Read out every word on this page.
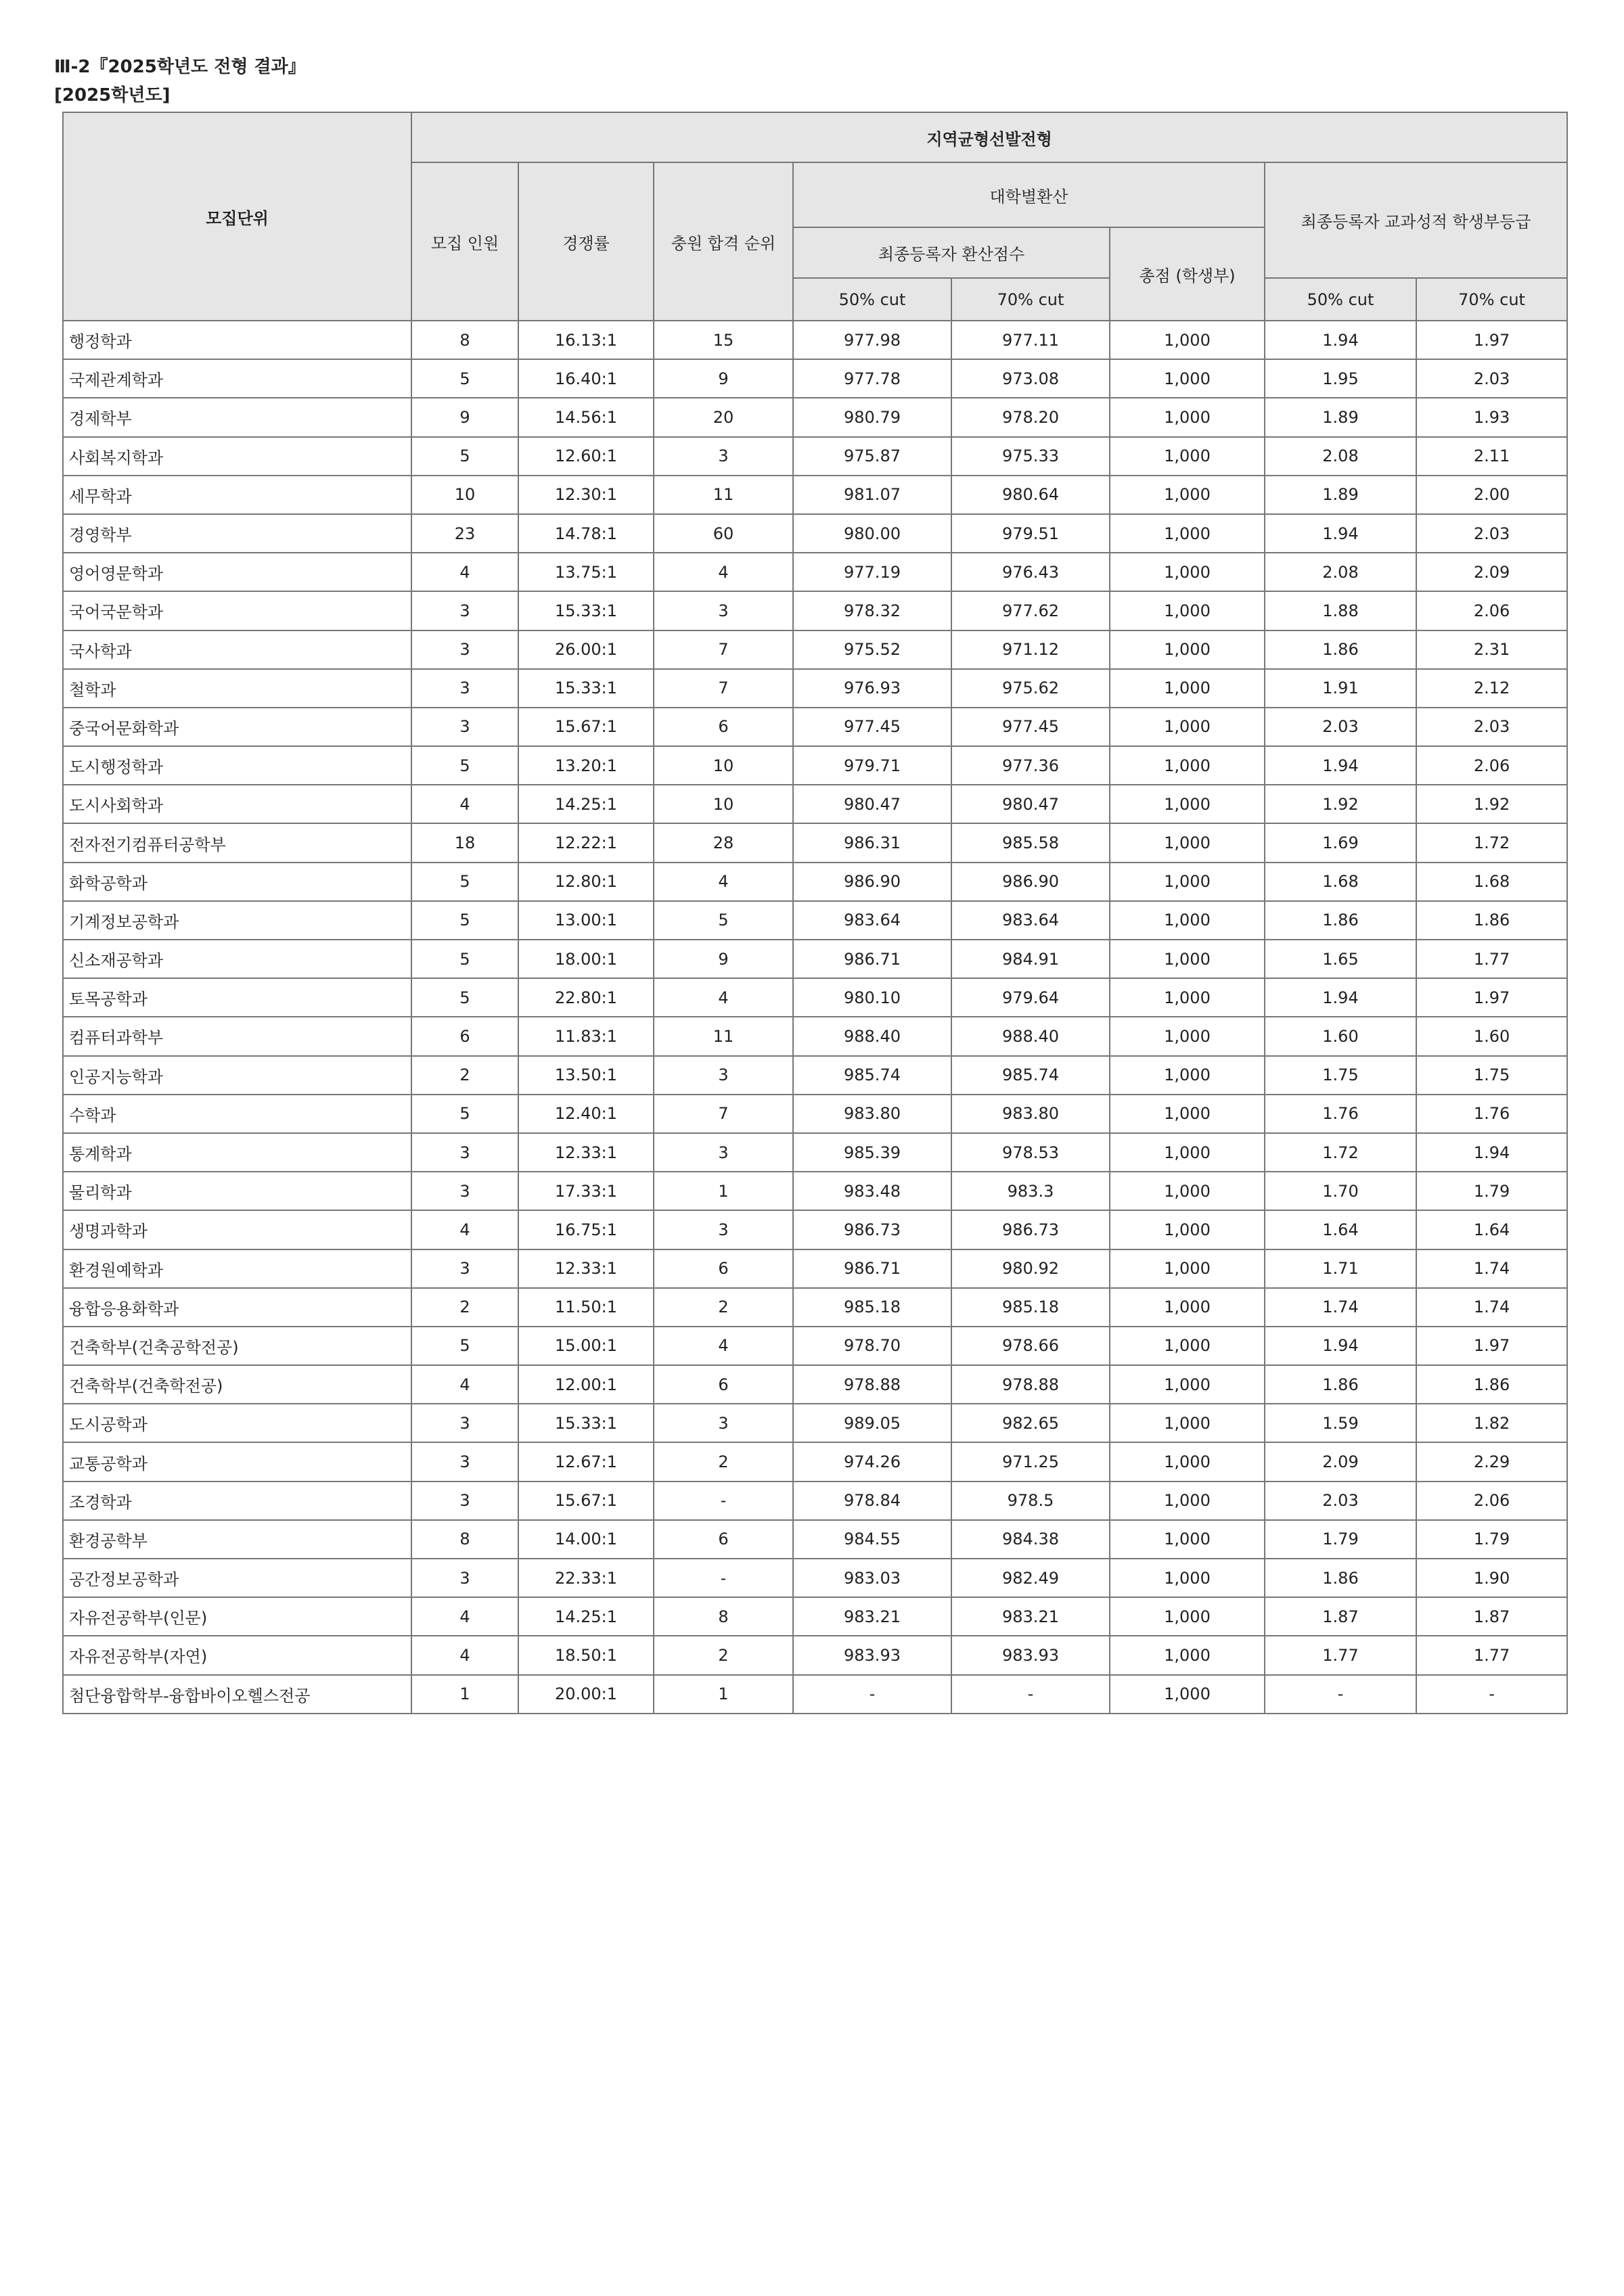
Ⅲ-2『2025학년도 전형 결과』
[2025학년도]
모집단위	지역균형선발전형							
	모집 인원	경쟁률	충원 합격 순위	대학별환산			최종등록자 교과성적 학생부등급	
				최종등록자 환산점수		총점 (학생부)		
				50% cut	70% cut		50% cut	70% cut
행정학과	8	16.13:1	15	977.98	977.11	1,000	1.94	1.97
국제관계학과	5	16.40:1	9	977.78	973.08	1,000	1.95	2.03
경제학부	9	14.56:1	20	980.79	978.20	1,000	1.89	1.93
사회복지학과	5	12.60:1	3	975.87	975.33	1,000	2.08	2.11
세무학과	10	12.30:1	11	981.07	980.64	1,000	1.89	2.00
경영학부	23	14.78:1	60	980.00	979.51	1,000	1.94	2.03
영어영문학과	4	13.75:1	4	977.19	976.43	1,000	2.08	2.09
국어국문학과	3	15.33:1	3	978.32	977.62	1,000	1.88	2.06
국사학과	3	26.00:1	7	975.52	971.12	1,000	1.86	2.31
철학과	3	15.33:1	7	976.93	975.62	1,000	1.91	2.12
중국어문화학과	3	15.67:1	6	977.45	977.45	1,000	2.03	2.03
도시행정학과	5	13.20:1	10	979.71	977.36	1,000	1.94	2.06
도시사회학과	4	14.25:1	10	980.47	980.47	1,000	1.92	1.92
전자전기컴퓨터공학부	18	12.22:1	28	986.31	985.58	1,000	1.69	1.72
화학공학과	5	12.80:1	4	986.90	986.90	1,000	1.68	1.68
기계정보공학과	5	13.00:1	5	983.64	983.64	1,000	1.86	1.86
신소재공학과	5	18.00:1	9	986.71	984.91	1,000	1.65	1.77
토목공학과	5	22.80:1	4	980.10	979.64	1,000	1.94	1.97
컴퓨터과학부	6	11.83:1	11	988.40	988.40	1,000	1.60	1.60
인공지능학과	2	13.50:1	3	985.74	985.74	1,000	1.75	1.75
수학과	5	12.40:1	7	983.80	983.80	1,000	1.76	1.76
통계학과	3	12.33:1	3	985.39	978.53	1,000	1.72	1.94
물리학과	3	17.33:1	1	983.48	983.3	1,000	1.70	1.79
생명과학과	4	16.75:1	3	986.73	986.73	1,000	1.64	1.64
환경원예학과	3	12.33:1	6	986.71	980.92	1,000	1.71	1.74
융합응용화학과	2	11.50:1	2	985.18	985.18	1,000	1.74	1.74
건축학부(건축공학전공)	5	15.00:1	4	978.70	978.66	1,000	1.94	1.97
건축학부(건축학전공)	4	12.00:1	6	978.88	978.88	1,000	1.86	1.86
도시공학과	3	15.33:1	3	989.05	982.65	1,000	1.59	1.82
교통공학과	3	12.67:1	2	974.26	971.25	1,000	2.09	2.29
조경학과	3	15.67:1	-	978.84	978.5	1,000	2.03	2.06
환경공학부	8	14.00:1	6	984.55	984.38	1,000	1.79	1.79
공간정보공학과	3	22.33:1	-	983.03	982.49	1,000	1.86	1.90
자유전공학부(인문)	4	14.25:1	8	983.21	983.21	1,000	1.87	1.87
자유전공학부(자연)	4	18.50:1	2	983.93	983.93	1,000	1.77	1.77
첨단융합학부-융합바이오헬스전공	1	20.00:1	1	-	-	1,000	-	-
